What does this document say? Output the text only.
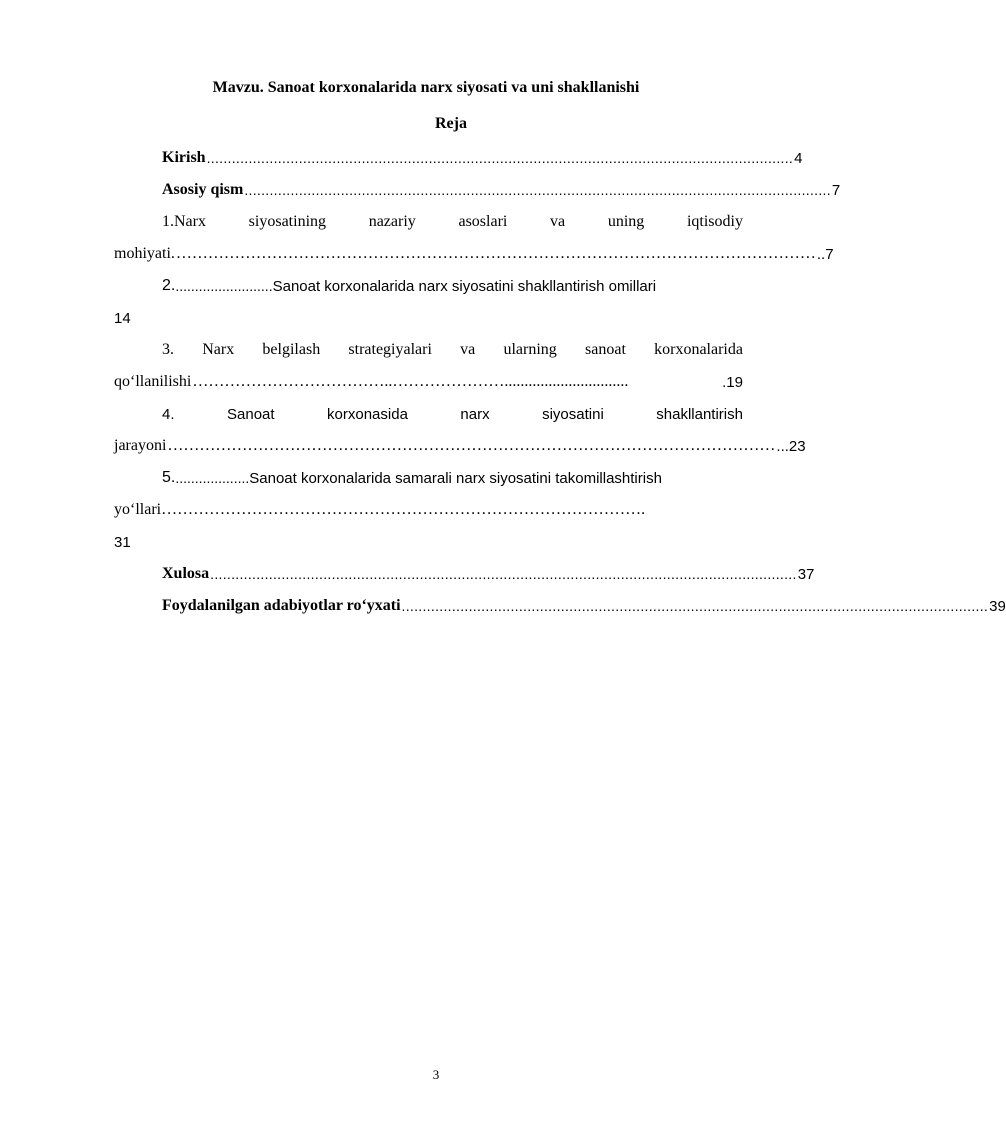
Mavzu. Sanoat korxonalarida narx siyosati va uni shakllanishi
Reja
Kirish ............................................................................................................................................ 4
Asosiy qism ............................................................................................................................................ 7
1.Narx	siyosatining	nazariy	asoslari	va	uning	iqtisodiy
mohiyati. ………………………………………………………………………………………………………… ..7
2. ......................... Sanoat korxonalarida narx siyosatini shakllantirish omillari
14
3. Narx belgilash strategiyalari va ularning sanoat korxonalarida
qo‘llanilishi ………………………………..…………………...............................	.19
4.	Sanoat	korxonasida	narx	siyosatini	shakllantirish
jarayoni …………………………………………………………………………………………………… ...23
5. ................... Sanoat korxonalarida samarali narx siyosatini takomillashtirish
yo‘llari ……………………………………………………………………………….
31
Xulosa ............................................................................................................................................ 37
Foydalanilgan adabiyotlar ro‘yxati ............................................................................................................................................ 39
3
